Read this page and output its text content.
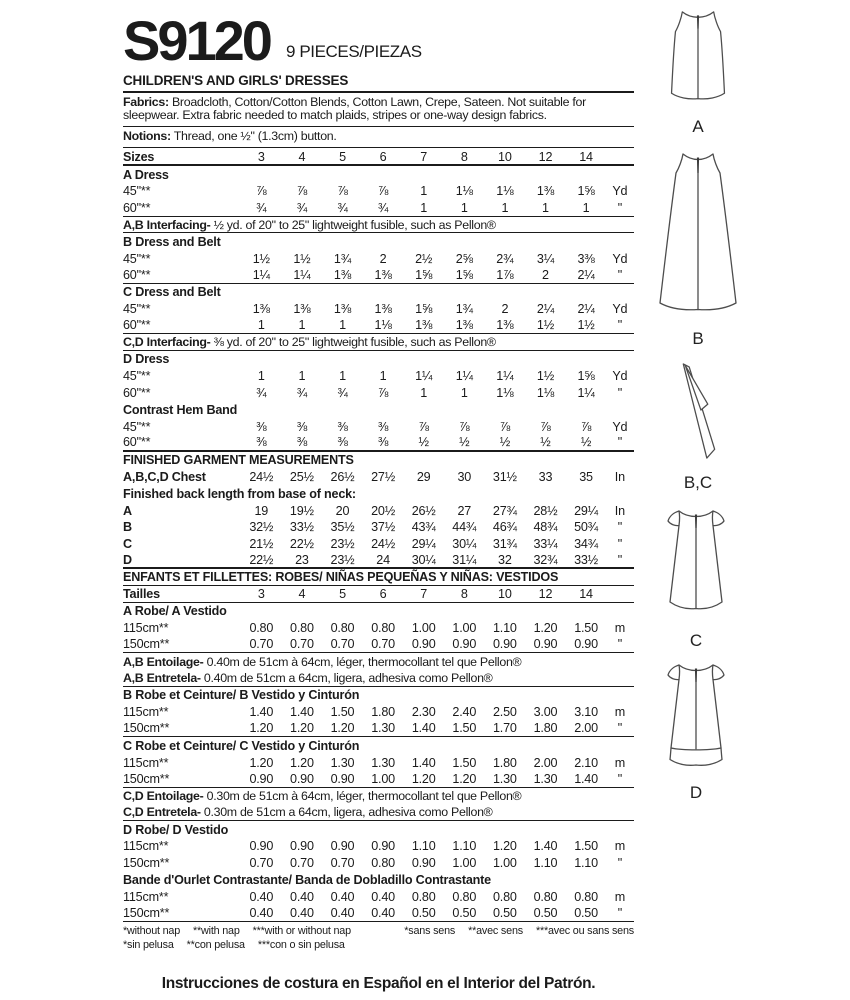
S9120 9 PIECES/PIEZAS
CHILDREN'S AND GIRLS' DRESSES
Fabrics: Broadcloth, Cotton/Cotton Blends, Cotton Lawn, Crepe, Sateen. Not suitable for sleepwear. Extra fabric needed to match plaids, stripes or one-way design fabrics.
Notions: Thread, one ½" (1.3cm) button.
Sizes	3	4	5	6	7	8	10	12	14
A Dress
45"**	⅞	⅞	⅞	⅞	1	1⅛	1⅛	1⅜	1⅝	Yd
60"**	¾	¾	¾	¾	1	1	1	1	1	"
A,B Interfacing- ½ yd. of 20" to 25" lightweight fusible, such as Pellon®
B Dress and Belt
45"**	1½	1½	1¾	2	2½	2⅝	2¾	3¼	3⅜	Yd
60"**	1¼	1¼	1⅜	1⅜	1⅝	1⅝	1⅞	2	2¼	"
C Dress and Belt
45"**	1⅜	1⅜	1⅜	1⅜	1⅝	1¾	2	2¼	2¼	Yd
60"**	1	1	1	1⅛	1⅜	1⅜	1⅜	1½	1½	"
C,D Interfacing- ⅜ yd. of 20" to 25" lightweight fusible, such as Pellon®
D Dress
45"**	1	1	1	1	1¼	1¼	1¼	1½	1⅝	Yd
60"**	¾	¾	¾	⅞	1	1	1⅛	1⅛	1¼	"
Contrast Hem Band
45"**	⅜	⅜	⅜	⅜	⅞	⅞	⅞	⅞	⅞	Yd
60"**	⅜	⅜	⅜	⅜	½	½	½	½	½	"
FINISHED GARMENT MEASUREMENTS
A,B,C,D Chest	24½	25½	26½	27½	29	30	31½	33	35	In
Finished back length from base of neck:
A	19	19½	20	20½	26½	27	27¾	28½	29¼	In
B	32½	33½	35½	37½	43¾	44¾	46¾	48¾	50¾	"
C	21½	22½	23½	24½	29¼	30¼	31¾	33¼	34¾	"
D	22½	23	23½	24	30¼	31¼	32	32¾	33½	"
ENFANTS ET FILLETTES: ROBES/ NIÑAS PEQUEÑAS Y NIÑAS: VESTIDOS
Tailles	3	4	5	6	7	8	10	12	14
A Robe/ A Vestido
115cm**	0.80	0.80	0.80	0.80	1.00	1.00	1.10	1.20	1.50	m
150cm**	0.70	0.70	0.70	0.70	0.90	0.90	0.90	0.90	0.90	"
A,B Entoilage- 0.40m de 51cm à 64cm, léger, thermocollant tel que Pellon®
A,B Entretela- 0.40m de 51cm a 64cm, ligera, adhesiva como Pellon®
B Robe et Ceinture/ B Vestido y Cinturón
115cm**	1.40	1.40	1.50	1.80	2.30	2.40	2.50	3.00	3.10	m
150cm**	1.20	1.20	1.20	1.30	1.40	1.50	1.70	1.80	2.00	"
C Robe et Ceinture/ C Vestido y Cinturón
115cm**	1.20	1.20	1.30	1.30	1.40	1.50	1.80	2.00	2.10	m
150cm**	0.90	0.90	0.90	1.00	1.20	1.20	1.30	1.30	1.40	"
C,D Entoilage- 0.30m de 51cm à 64cm, léger, thermocollant tel que Pellon®
C,D Entretela- 0.30m de 51cm a 64cm, ligera, adhesiva como Pellon®
D Robe/ D Vestido
115cm**	0.90	0.90	0.90	0.90	1.10	1.10	1.20	1.40	1.50	m
150cm**	0.70	0.70	0.70	0.80	0.90	1.00	1.00	1.10	1.10	"
Bande d'Ourlet Contrastante/ Banda de Dobladillo Contrastante
115cm**	0.40	0.40	0.40	0.40	0.80	0.80	0.80	0.80	0.80	m
150cm**	0.40	0.40	0.40	0.40	0.50	0.50	0.50	0.50	0.50	"
*without nap **with nap ***with or without nap	*sans sens **avec sens ***avec ou sans sens
*sin pelusa **con pelusa ***con o sin pelusa
Instrucciones de costura en Español en el Interior del Patrón.
A
B
B,C
C
D
